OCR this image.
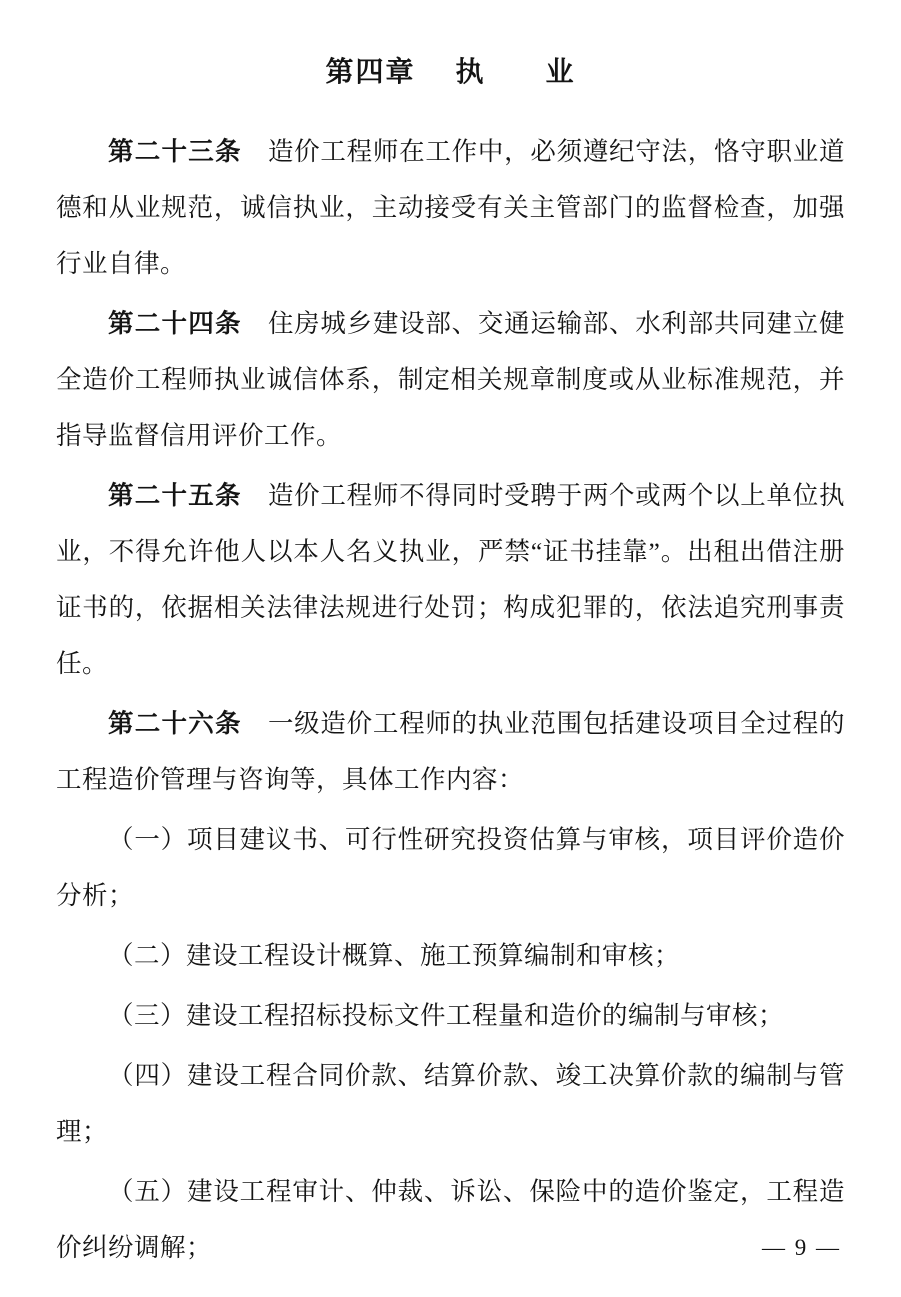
第四章 执　　业

第二十三条 造价工程师在工作中，必须遵纪守法，恪守职业道德和从业规范，诚信执业，主动接受有关主管部门的监督检查，加强行业自律。

第二十四条 住房城乡建设部、交通运输部、水利部共同建立健全造价工程师执业诚信体系，制定相关规章制度或从业标准规范，并指导监督信用评价工作。

第二十五条 造价工程师不得同时受聘于两个或两个以上单位执业，不得允许他人以本人名义执业，严禁“证书挂靠”。出租出借注册证书的，依据相关法律法规进行处罚；构成犯罪的，依法追究刑事责任。

第二十六条 一级造价工程师的执业范围包括建设项目全过程的工程造价管理与咨询等，具体工作内容：

（一）项目建议书、可行性研究投资估算与审核，项目评价造价分析；

（二）建设工程设计概算、施工预算编制和审核；

（三）建设工程招标投标文件工程量和造价的编制与审核；

（四）建设工程合同价款、结算价款、竣工决算价款的编制与管理；

（五）建设工程审计、仲裁、诉讼、保险中的造价鉴定，工程造价纠纷调解；	— 9 —
